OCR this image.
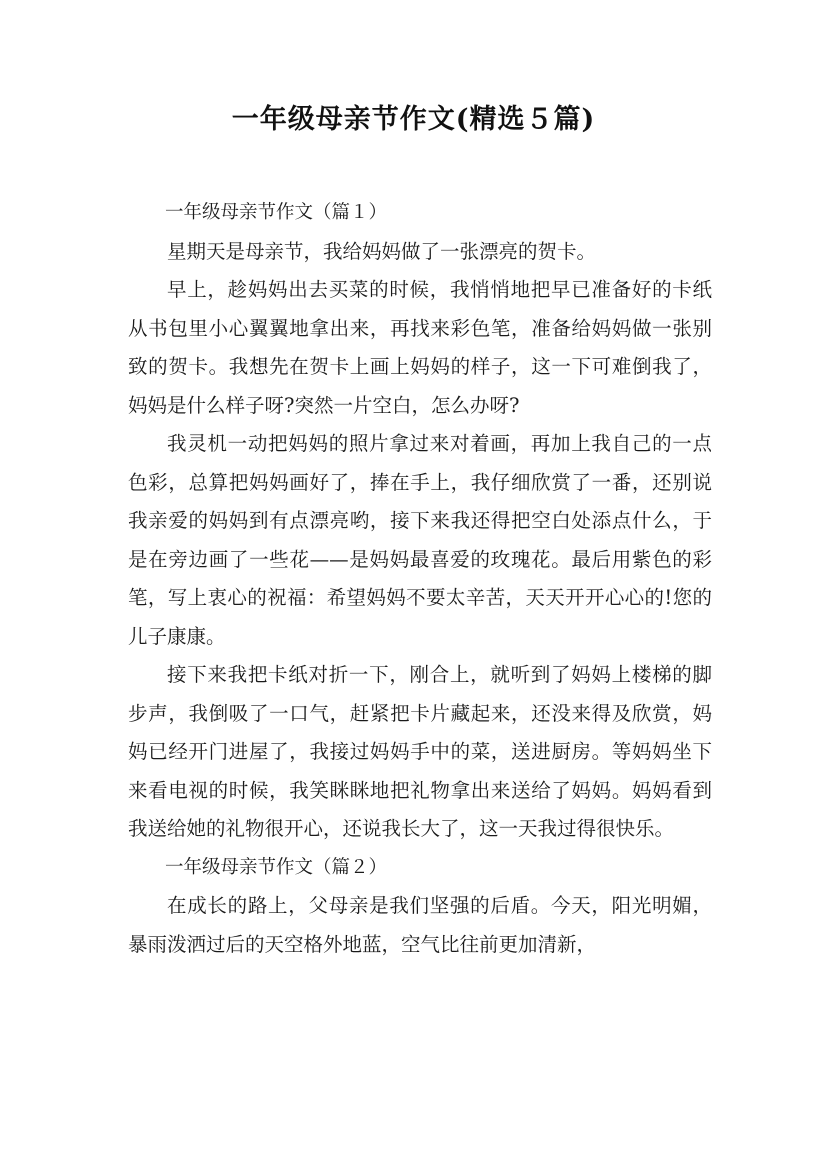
一年级母亲节作文(精选５篇)

一年级母亲节作文（篇１）

星期天是母亲节，我给妈妈做了一张漂亮的贺卡。

早上，趁妈妈出去买菜的时候，我悄悄地把早已准备好的卡纸从书包里小心翼翼地拿出来，再找来彩色笔，准备给妈妈做一张别致的贺卡。我想先在贺卡上画上妈妈的样子，这一下可难倒我了，妈妈是什么样子呀?突然一片空白，怎么办呀?

我灵机一动把妈妈的照片拿过来对着画，再加上我自己的一点色彩，总算把妈妈画好了，捧在手上，我仔细欣赏了一番，还别说我亲爱的妈妈到有点漂亮哟，接下来我还得把空白处添点什么，于是在旁边画了一些花——是妈妈最喜爱的玫瑰花。最后用紫色的彩笔，写上衷心的祝福：希望妈妈不要太辛苦，天天开开心心的!您的儿子康康。

接下来我把卡纸对折一下，刚合上，就听到了妈妈上楼梯的脚步声，我倒吸了一口气，赶紧把卡片藏起来，还没来得及欣赏，妈妈已经开门进屋了，我接过妈妈手中的菜，送进厨房。等妈妈坐下来看电视的时候，我笑眯眯地把礼物拿出来送给了妈妈。妈妈看到我送给她的礼物很开心，还说我长大了，这一天我过得很快乐。

一年级母亲节作文（篇２）

在成长的路上，父母亲是我们坚强的后盾。今天，阳光明媚，暴雨泼洒过后的天空格外地蓝，空气比往前更加清新，
